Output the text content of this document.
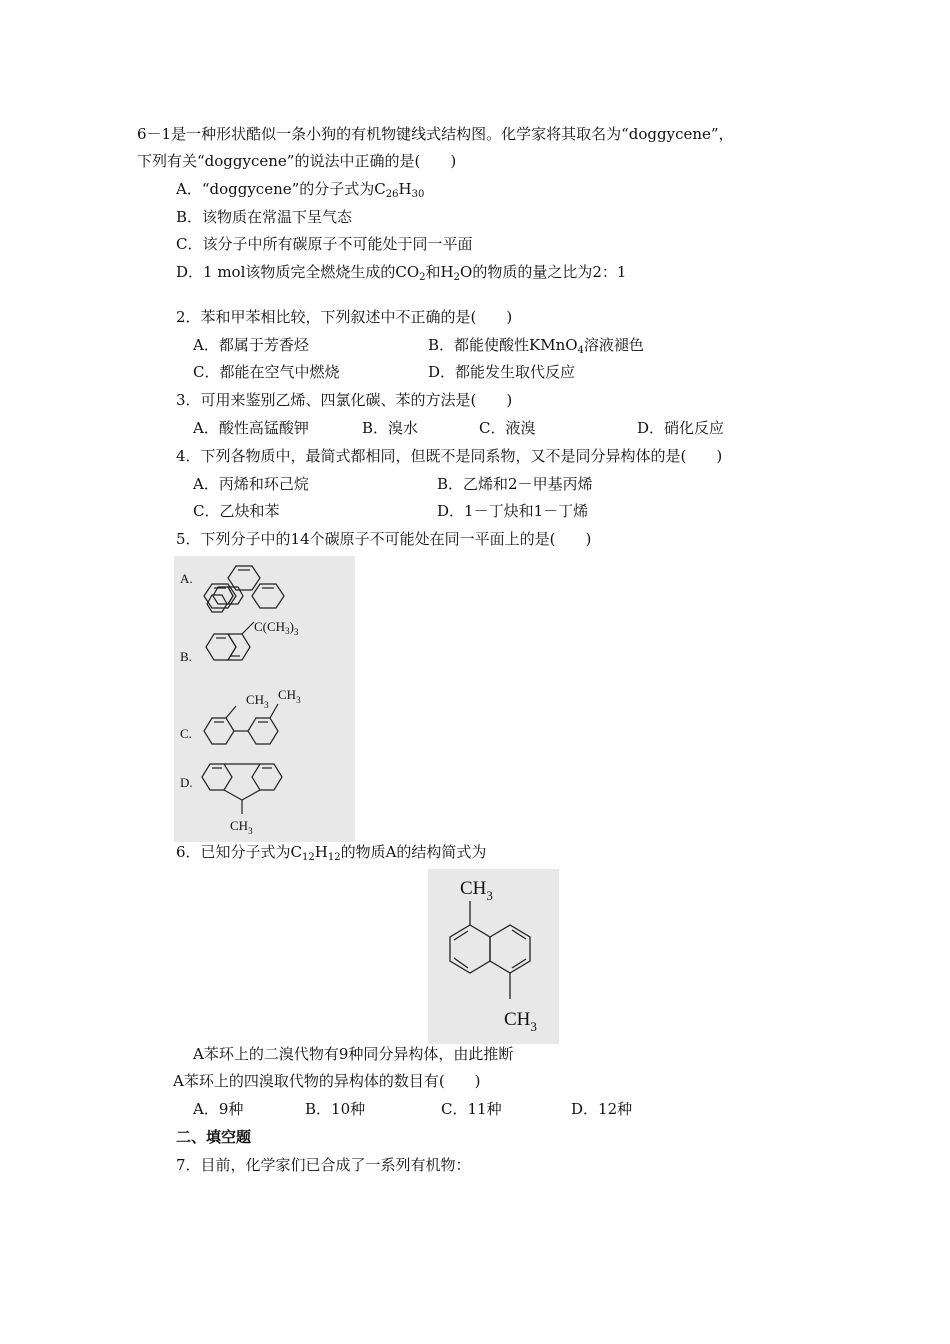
6－1是一种形状酷似一条小狗的有机物键线式结构图。化学家将其取名为“doggycene”，
下列有关“doggycene”的说法中正确的是(　　)
A．“doggycene”的分子式为$C_{26}H_{30}$
B．该物质在常温下呈气态
C．该分子中所有碳原子不可能处于同一平面
D．1 mol该物质完全燃烧生成的$CO_2$和$H_2O$的物质的量之比为2：1
2．苯和甲苯相比较，下列叙述中不正确的是(　　)
A．都属于芳香烃	B．都能使酸性KMnO$_4$溶液褪色
C．都能在空气中燃烧	D．都能发生取代反应
3．可用来鉴别乙烯、四氯化碳、苯的方法是(　　)
A．酸性高锰酸钾	B．溴水	C．液溴	D．硝化反应
4．下列各物质中，最简式都相同，但既不是同系物，又不是同分异构体的是(　　)
A．丙烯和环己烷	B．乙烯和2－甲基丙烯
C．乙炔和苯	D．1－丁炔和1－丁烯
5．下列分子中的14个碳原子不可能处在同一平面上的是(　　)
A.
B.
$C(CH_3)_3$
C.
$CH_3$
$CH_3$
D.
$CH_3$
6．已知分子式为$C_{12}H_{12}$的物质A的结构简式为
$CH_3$
$CH_3$
A苯环上的二溴代物有9种同分异构体，由此推断
A苯环上的四溴取代物的异构体的数目有(　　)
A．9种	B．10种	C．11种	D．12种
二、填空题
7．目前，化学家们已合成了一系列有机物：
